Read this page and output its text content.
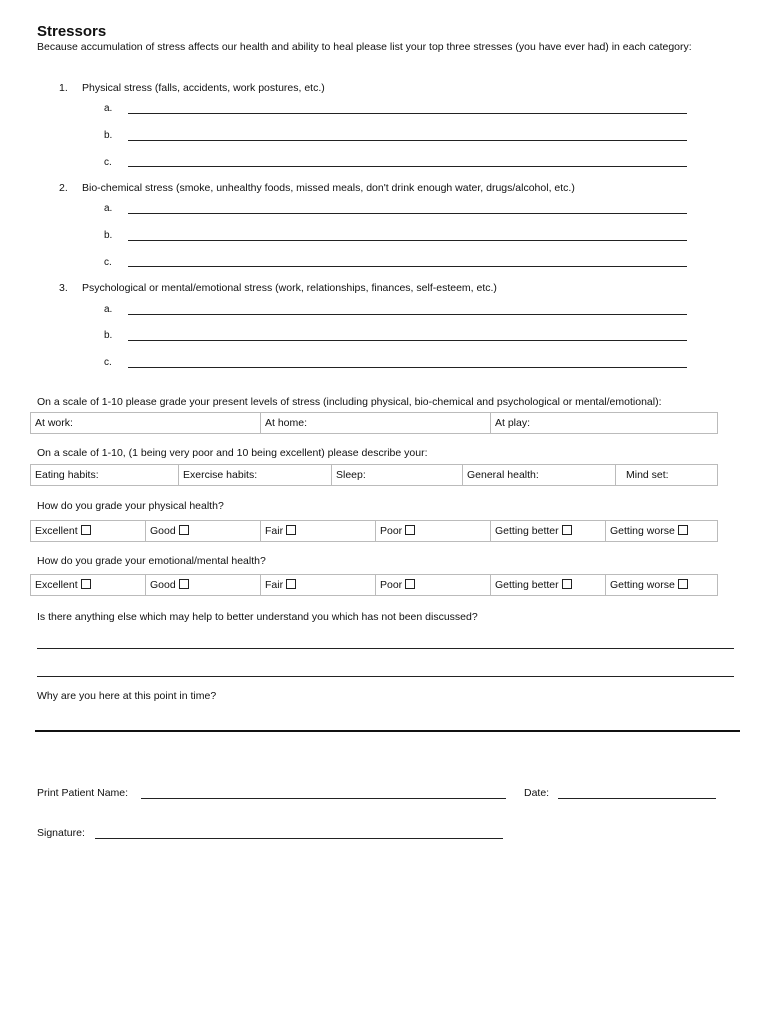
Stressors
Because accumulation of stress affects our health and ability to heal please list your top three stresses (you have ever had) in each category:
1. Physical stress (falls, accidents, work postures, etc.)
a.
b.
c.
2. Bio-chemical stress (smoke, unhealthy foods, missed meals, don't drink enough water, drugs/alcohol, etc.)
a.
b.
c.
3. Psychological or mental/emotional stress (work, relationships, finances, self-esteem, etc.)
a.
b.
c.
On a scale of 1-10 please grade your present levels of stress (including physical, bio-chemical and psychological or mental/emotional):
At work:	At home:	At play:
On a scale of 1-10, (1 being very poor and 10 being excellent) please describe your:
Eating habits:	Exercise habits:	Sleep:	General health:	Mind set:
How do you grade your physical health?
Excellent	Good	Fair	Poor	Getting better	Getting worse
How do you grade your emotional/mental health?
Excellent	Good	Fair	Poor	Getting better	Getting worse
Is there anything else which may help to better understand you which has not been discussed?
Why are you here at this point in time?
Print Patient Name:	Date:
Signature:
